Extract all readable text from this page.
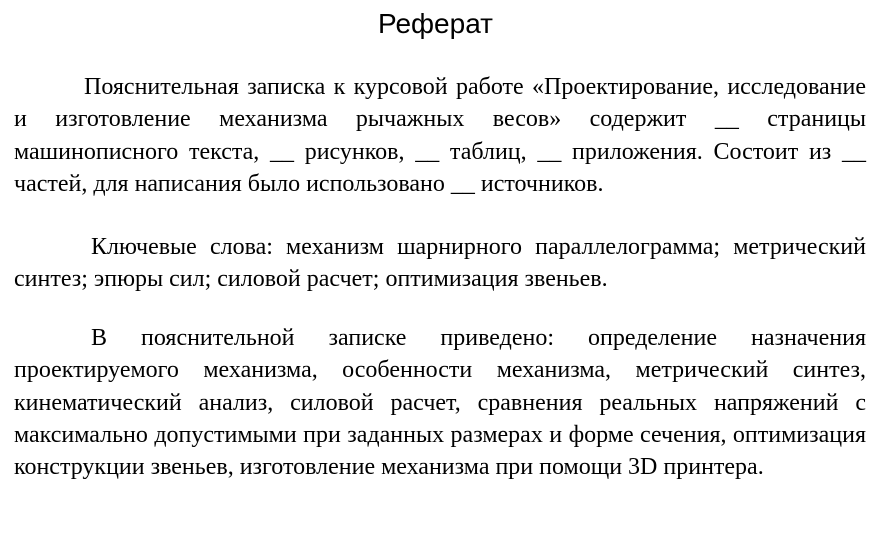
Реферат

Пояснительная записка к курсовой работе «Проектирование, исследование и изготовление механизма рычажных весов» содержит __ страницы машинописного текста, __ рисунков, __ таблиц, __ приложения. Состоит из __ частей, для написания было использовано __ источников.

Ключевые слова: механизм шарнирного параллелограмма; метрический синтез; эпюры сил; силовой расчет; оптимизация звеньев.

В пояснительной записке приведено: определение назначения проектируемого механизма, особенности механизма, метрический синтез, кинематический анализ, силовой расчет, сравнения реальных напряжений с максимально допустимыми при заданных размерах и форме сечения, оптимизация конструкции звеньев, изготовление механизма при помощи 3D принтера.
